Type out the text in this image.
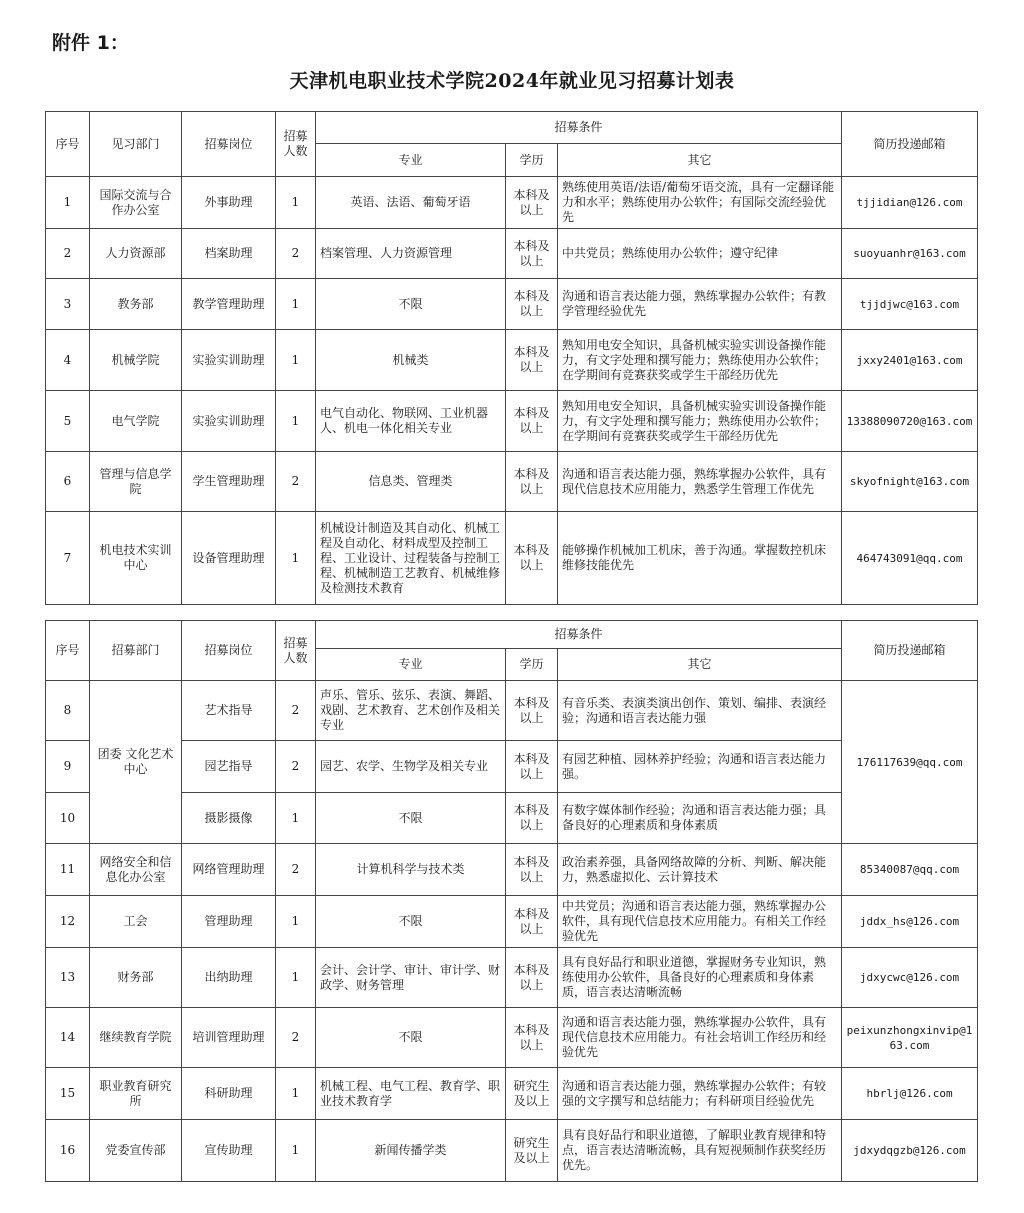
附件 1：
天津机电职业技术学院2024年就业见习招募计划表
序号	见习部门	招募岗位	招募人数	招募条件			简历投递邮箱
				专业	学历	其它	
1	国际交流与合作办公室	外事助理	1	英语、法语、葡萄牙语	本科及以上	熟练使用英语/法语/葡萄牙语交流，具有一定翻译能力和水平；熟练使用办公软件；有国际交流经验优先	tjjidian@126.com
2	人力资源部	档案助理	2	档案管理、人力资源管理	本科及以上	中共党员；熟练使用办公软件；遵守纪律	suoyuanhr@163.com
3	教务部	教学管理助理	1	不限	本科及以上	沟通和语言表达能力强，熟练掌握办公软件；有教学管理经验优先	tjjdjwc@163.com
4	机械学院	实验实训助理	1	机械类	本科及以上	熟知用电安全知识，具备机械实验实训设备操作能力，有文字处理和撰写能力；熟练使用办公软件；在学期间有竞赛获奖或学生干部经历优先	jxxy2401@163.com
5	电气学院	实验实训助理	1	电气自动化、物联网、工业机器人、机电一体化相关专业	本科及以上	熟知用电安全知识，具备机械实验实训设备操作能力，有文字处理和撰写能力；熟练使用办公软件；在学期间有竞赛获奖或学生干部经历优先	13388090720@163.com
6	管理与信息学院	学生管理助理	2	信息类、管理类	本科及以上	沟通和语言表达能力强，熟练掌握办公软件，具有现代信息技术应用能力，熟悉学生管理工作优先	skyofnight@163.com
7	机电技术实训中心	设备管理助理	1	机械设计制造及其自动化、机械工程及自动化、材料成型及控制工程、工业设计、过程装备与控制工程、机械制造工艺教育、机械维修及检测技术教育	本科及以上	能够操作机械加工机床，善于沟通。掌握数控机床维修技能优先	464743091@qq.com
序号	招募部门	招募岗位	招募人数	招募条件			简历投递邮箱
				专业	学历	其它	
8	团委 文化艺术中心	艺术指导	2	声乐、管乐、弦乐、表演、舞蹈、戏剧、艺术教育、艺术创作及相关专业	本科及以上	有音乐类、表演类演出创作、策划、编排、表演经验；沟通和语言表达能力强	176117639@qq.com
9		园艺指导	2	园艺、农学、生物学及相关专业	本科及以上	有园艺种植、园林养护经验；沟通和语言表达能力强。	
10		摄影摄像	1	不限	本科及以上	有数字媒体制作经验；沟通和语言表达能力强；具备良好的心理素质和身体素质	
11	网络安全和信息化办公室	网络管理助理	2	计算机科学与技术类	本科及以上	政治素养强，具备网络故障的分析、判断、解决能力，熟悉虚拟化、云计算技术	85340087@qq.com
12	工会	管理助理	1	不限	本科及以上	中共党员；沟通和语言表达能力强，熟练掌握办公软件，具有现代信息技术应用能力。有相关工作经验优先	jddx_hs@126.com
13	财务部	出纳助理	1	会计、会计学、审计、审计学、财政学、财务管理	本科及以上	具有良好品行和职业道德，掌握财务专业知识，熟练使用办公软件，具备良好的心理素质和身体素质，语言表达清晰流畅	jdxycwc@126.com
14	继续教育学院	培训管理助理	2	不限	本科及以上	沟通和语言表达能力强，熟练掌握办公软件，具有现代信息技术应用能力。有社会培训工作经历和经验优先	peixunzhongxinvip@163.com
15	职业教育研究所	科研助理	1	机械工程、电气工程、教育学、职业技术教育学	研究生及以上	沟通和语言表达能力强，熟练掌握办公软件；有较强的文字撰写和总结能力；有科研项目经验优先	hbrlj@126.com
16	党委宣传部	宣传助理	1	新闻传播学类	研究生及以上	具有良好品行和职业道德，了解职业教育规律和特点，语言表达清晰流畅，具有短视频制作获奖经历优先。	jdxydqgzb@126.com
